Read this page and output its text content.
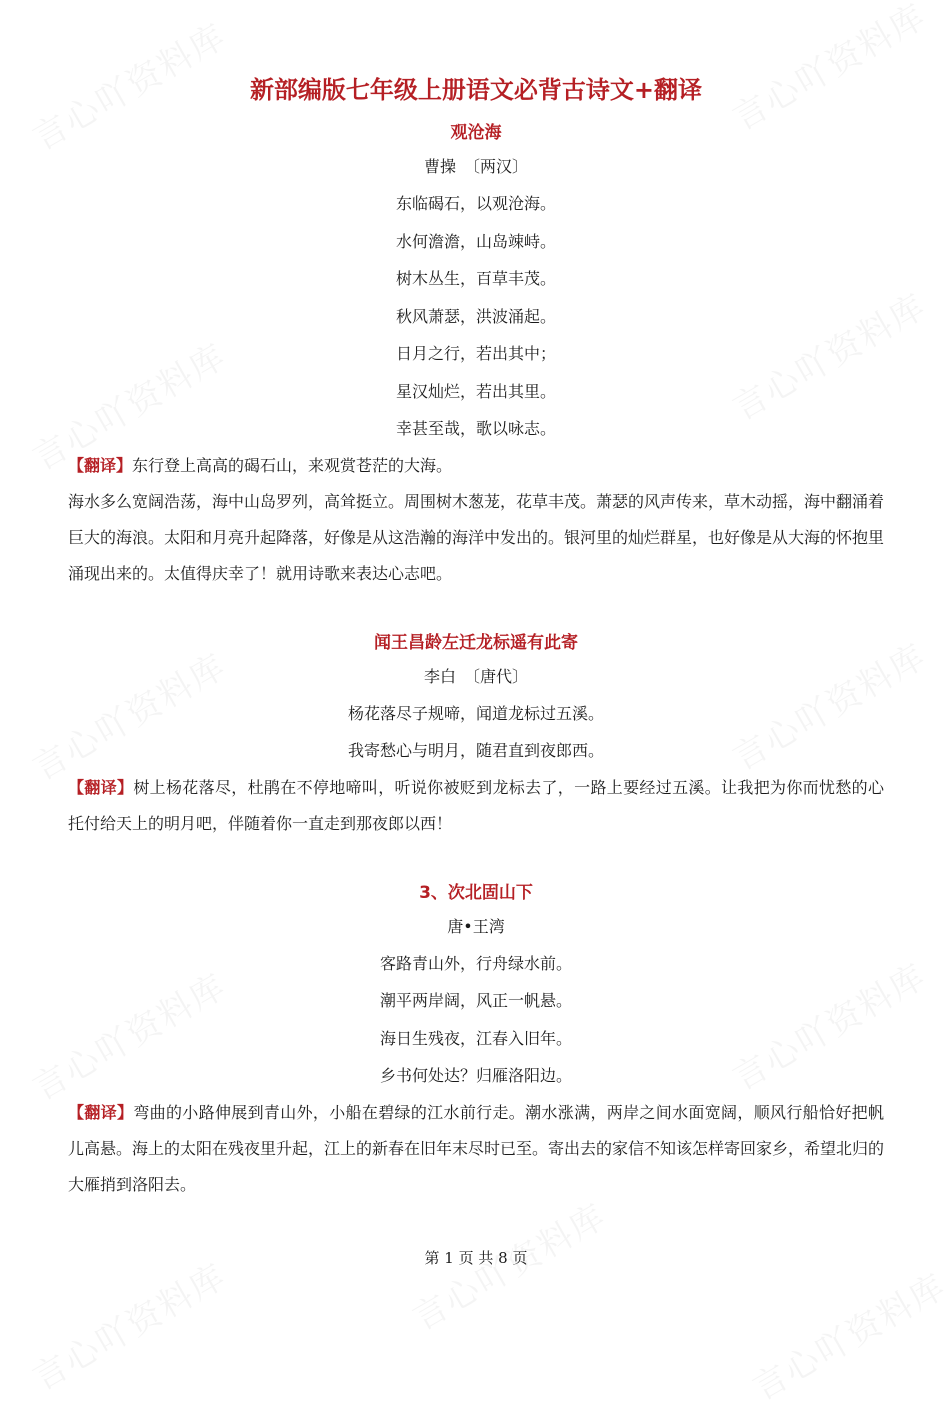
新部编版七年级上册语文必背古诗文+翻译
观沧海

曹操　〔两汉〕

东临碣石，以观沧海。

水何澹澹，山岛竦峙。

树木丛生，百草丰茂。

秋风萧瑟，洪波涌起。

日月之行，若出其中；

星汉灿烂，若出其里。

幸甚至哉，歌以咏志。

【翻译】东行登上高高的碣石山，来观赏苍茫的大海。

海水多么宽阔浩荡，海中山岛罗列，高耸挺立。周围树木葱茏，花草丰茂。萧瑟的风声传来，草木动摇，海中翻涌着巨大的海浪。太阳和月亮升起降落，好像是从这浩瀚的海洋中发出的。银河里的灿烂群星，也好像是从大海的怀抱里涌现出来的。太值得庆幸了！就用诗歌来表达心志吧。

闻王昌龄左迁龙标遥有此寄

李白　〔唐代〕

杨花落尽子规啼，闻道龙标过五溪。

我寄愁心与明月，随君直到夜郎西。

【翻译】树上杨花落尽，杜鹃在不停地啼叫，听说你被贬到龙标去了，一路上要经过五溪。让我把为你而忧愁的心托付给天上的明月吧，伴随着你一直走到那夜郎以西！

3、次北固山下

唐•王湾

客路青山外，行舟绿水前。

潮平两岸阔，风正一帆悬。

海日生残夜，江春入旧年。

乡书何处达？归雁洛阳边。

【翻译】弯曲的小路伸展到青山外，小船在碧绿的江水前行走。潮水涨满，两岸之间水面宽阔，顺风行船恰好把帆儿高悬。海上的太阳在残夜里升起，江上的新春在旧年末尽时已至。寄出去的家信不知该怎样寄回家乡，希望北归的大雁捎到洛阳去。

第 1 页 共 8 页
